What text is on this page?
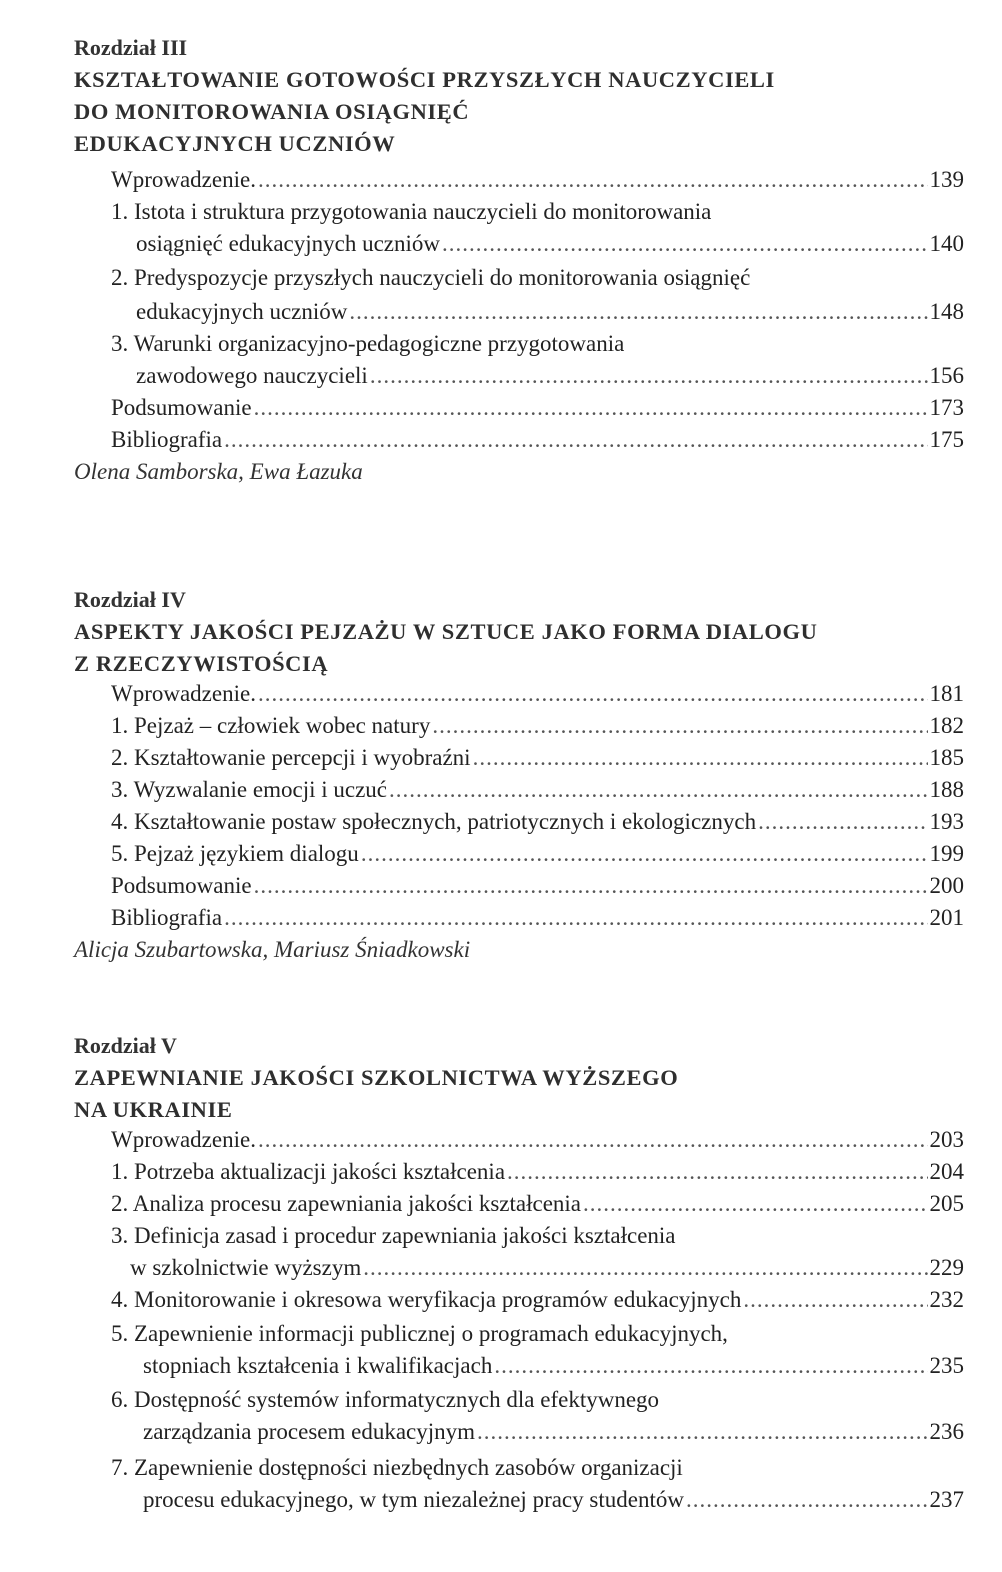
Rozdział III
KSZTAŁTOWANIE GOTOWOŚCI PRZYSZŁYCH NAUCZYCIELI
DO MONITOROWANIA OSIĄGNIĘĆ
EDUKACYJNYCH UCZNIÓW
Wprowadzenie. .....	139
1. Istota i struktura przygotowania nauczycieli do monitorowania
osiągnięć edukacyjnych uczniów .....	140
2. Predyspozycje przyszłych nauczycieli do monitorowania osiągnięć
edukacyjnych uczniów .....	148
3. Warunki organizacyjno-pedagogiczne przygotowania
zawodowego nauczycieli .....	156
Podsumowanie .....	173
Bibliografia .....	175
Olena Samborska, Ewa Łazuka
Rozdział IV
ASPEKTY JAKOŚCI PEJZAŻU W SZTUCE JAKO FORMA DIALOGU
Z RZECZYWISTOŚCIĄ
Wprowadzenie. .....	181
1. Pejzaż – człowiek wobec natury .....	182
2. Kształtowanie percepcji i wyobraźni .....	185
3. Wyzwalanie emocji i uczuć .....	188
4. Kształtowanie postaw społecznych, patriotycznych i ekologicznych .....	193
5. Pejzaż językiem dialogu .....	199
Podsumowanie .....	200
Bibliografia .....	201
Alicja Szubartowska, Mariusz Śniadkowski
Rozdział V
ZAPEWNIANIE JAKOŚCI SZKOLNICTWA WYŻSZEGO
NA UKRAINIE
Wprowadzenie. .....	203
1. Potrzeba aktualizacji jakości kształcenia .....	204
2. Analiza procesu zapewniania jakości kształcenia .....	205
3. Definicja zasad i procedur zapewniania jakości kształcenia
w szkolnictwie wyższym .....	229
4. Monitorowanie i okresowa weryfikacja programów edukacyjnych .....	232
5. Zapewnienie informacji publicznej o programach edukacyjnych,
stopniach kształcenia i kwalifikacjach .....	235
6. Dostępność systemów informatycznych dla efektywnego
zarządzania procesem edukacyjnym .....	236
7. Zapewnienie dostępności niezbędnych zasobów organizacji
procesu edukacyjnego, w tym niezależnej pracy studentów .....	237
